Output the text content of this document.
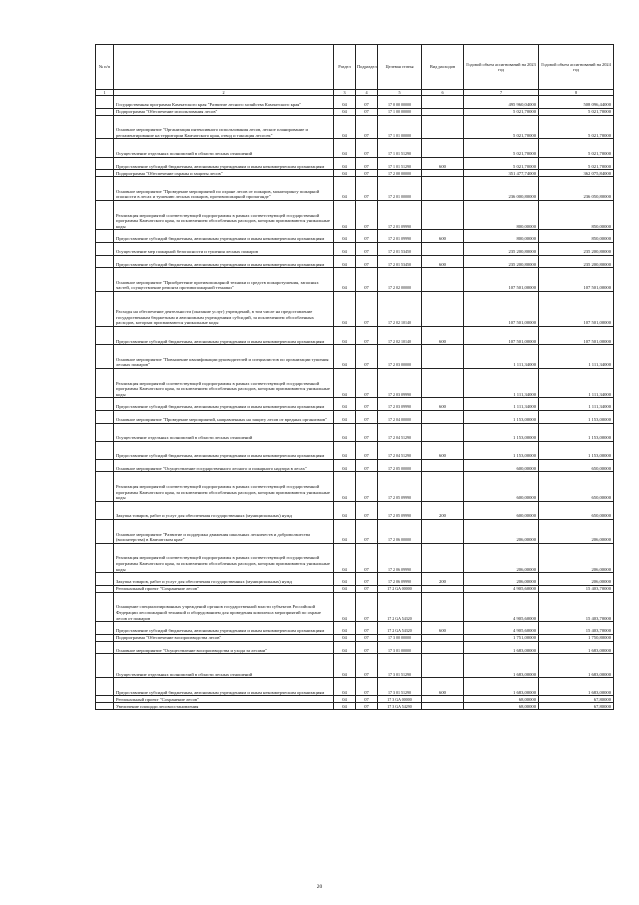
№ п/п		Раздел	Подраздел	Целевая статья	Вид расходов	Годовой объем ассигнований на 2023 год	Годовой объем ассигнований на 2024 год
1	2	3	4	5	6	7	8
	Государственная программа Камчатского края "Развитие лесного хозяйства Камчатского края"	04	07	17 0 00 00000		495 960,04000	508 096,44000
	Подпрограмма "Обеспечение использования лесов"	04	07	17 1 00 00000		5 021,70000	5 021,70000
	Основное мероприятие "Организация интенсивного использования лесов, лесное планирование и регламентирование на территории Камчатского края, отвод и таксация лесосек"	04	07	17 1 01 00000		5 021,70000	5 021,70000
	Осуществление отдельных полномочий в области лесных отношений	04	07	17 1 01 51290		5 021,70000	5 021,70000
	Предоставление субсидий бюджетным, автономным учреждениям и иным некоммерческим организациям	04	07	17 1 01 51290	600	5 021,70000	5 021,70000
	Подпрограмма "Обеспечение охраны и защиты лесов"	04	07	17 2 00 00000		351 477,74000	362 075,84000
	Основное мероприятие "Проведение мероприятий по охране лесов от пожаров, мониторингу пожарной опасности в лесах и тушению лесных пожаров, противопожарной пропаганде"	04	07	17 2 01 00000		236 000,80000	236 050,80000
	Реализация мероприятий соответствующей подпрограммы в рамках соответствующей государственной программы Камчатского края, за исключением обособленных расходов, которым присваиваются уникальные коды	04	07	17 2 01 09990		800,00000	850,00000
	Предоставление субсидий бюджетным, автономным учреждениям и иным некоммерческим организациям	04	07	17 2 01 09990	600	800,00000	850,00000
	Осуществление мер пожарной безопасности и тушения лесных пожаров	04	07	17 2 01 53450		235 200,80000	235 200,80000
	Предоставление субсидий бюджетным, автономным учреждениям и иным некоммерческим организациям	04	07	17 2 01 53450	600	235 200,80000	235 200,80000
	Основное мероприятие "Приобретение противопожарной техники и средств пожаротушения, запасных частей, осуществление ремонта противопожарной техники"	04	07	17 2 02 00000		107 501,00000	107 501,00000
	Расходы на обеспечение деятельности (оказание услуг) учреждений, в том числе на предоставление государственным бюджетным и автономным учреждениям субсидий, за исключением обособленных расходов, которым присваиваются уникальные коды	04	07	17 2 02 10140		107 501,00000	107 501,00000
	Предоставление субсидий бюджетным, автономным учреждениям и иным некоммерческим организациям	04	07	17 2 02 10140	600	107 501,00000	107 501,00000
	Основное мероприятие "Повышение квалификации руководителей и специалистов по организации тушения лесных пожаров"	04	07	17 2 03 00000		1 111,34000	1 111,34000
	Реализация мероприятий соответствующей подпрограммы в рамках соответствующей государственной программы Камчатского края, за исключением обособленных расходов, которым присваиваются уникальные коды	04	07	17 2 03 09990		1 111,34000	1 111,34000
	Предоставление субсидий бюджетным, автономным учреждениям и иным некоммерческим организациям	04	07	17 2 03 09990	600	1 111,34000	1 111,34000
	Основное мероприятие "Проведение мероприятий, направленных на защиту лесов от вредных организмов"	04	07	17 2 04 00000		1 153,00000	1 153,00000
	Осуществление отдельных полномочий в области лесных отношений	04	07	17 2 04 51290		1 153,00000	1 153,00000
	Предоставление субсидий бюджетным, автономным учреждениям и иным некоммерческим организациям	04	07	17 2 04 51290	600	1 153,00000	1 153,00000
	Основное мероприятие "Осуществление государственного лесного и пожарного надзора в лесах"	04	07	17 2 05 00000		600,00000	650,00000
	Реализация мероприятий соответствующей подпрограммы в рамках соответствующей государственной программы Камчатского края, за исключением обособленных расходов, которым присваиваются уникальные коды	04	07	17 2 05 09990		600,00000	650,00000
	Закупка товаров, работ и услуг для обеспечения государственных (муниципальных) нужд	04	07	17 2 05 09990	200	600,00000	650,00000
	Основное мероприятие "Развитие и поддержка движения школьных лесничеств и добровольчества (волонтерства) в Камчатском крае"	04	07	17 2 06 00000		206,00000	206,00000
	Реализация мероприятий соответствующей подпрограммы в рамках соответствующей государственной программы Камчатского края, за исключением обособленных расходов, которым присваиваются уникальные коды	04	07	17 2 06 09990		206,00000	206,00000
	Закупка товаров, работ и услуг для обеспечения государственных (муниципальных) нужд	04	07	17 2 06 09990	200	206,00000	206,00000
	Региональный проект "Сохранение лесов"	04	07	17 2 GA 00000		4 905,60000	15 403,70000
	Оснащение специализированных учреждений органов государственной власти субъектов Российской Федерации лесопожарной техникой и оборудованием для проведения комплекса мероприятий по охране лесов от пожаров	04	07	17 2 GA 54320		4 905,60000	15 403,70000
	Предоставление субсидий бюджетным, автономным учреждениям и иным некоммерческим организациям	04	07	17 2 GA 54320	600	4 905,60000	15 403,70000
	Подпрограмма "Обеспечение воспроизводства лесов"	04	07	17 3 00 00000		1 751,00000	1 750,80000
	Основное мероприятие "Осуществление воспроизводства и ухода за лесами"	04	07	17 3 01 00000		1 683,00000	1 683,00000
	Осуществление отдельных полномочий в области лесных отношений	04	07	17 3 01 51290		1 683,00000	1 683,00000
	Предоставление субсидий бюджетным, автономным учреждениям и иным некоммерческим организациям	04	07	17 3 01 51290	600	1 683,00000	1 683,00000
	Региональный проект "Сохранение лесов"	04	07	17 3 GA 00000		68,00000	67,80000
	Увеличение площади лесовосстановления	04	07	17 3 GA 54290		68,00000	67,80000
20
